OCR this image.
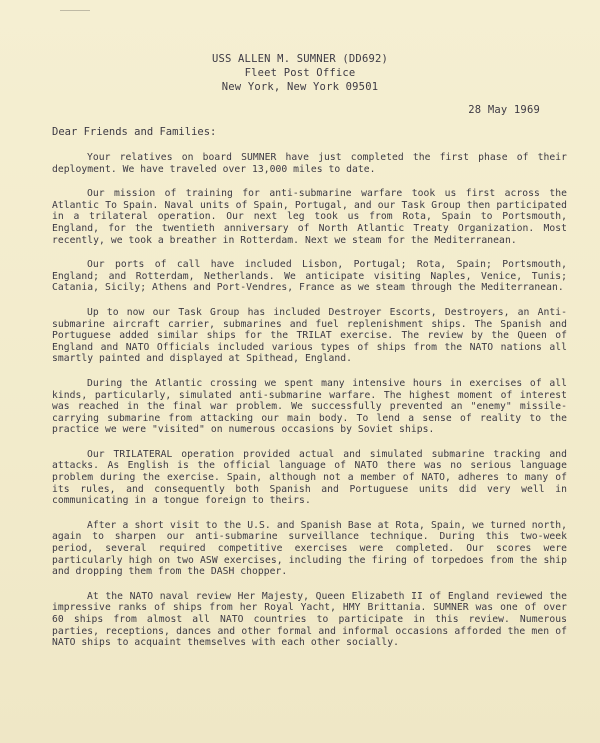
USS ALLEN M. SUMNER (DD692)
Fleet Post Office
New York, New York 09501
28 May 1969
Dear Friends and Families:

Your relatives on board SUMNER have just completed the first phase of their deployment. We have traveled over 13,000 miles to date.

Our mission of training for anti-submarine warfare took us first across the Atlantic To Spain. Naval units of Spain, Portugal, and our Task Group then participated in a trilateral operation. Our next leg took us from Rota, Spain to Portsmouth, England, for the twentieth anniversary of North Atlantic Treaty Organization. Most recently, we took a breather in Rotterdam. Next we steam for the Mediterranean.

Our ports of call have included Lisbon, Portugal; Rota, Spain; Portsmouth, England; and Rotterdam, Netherlands. We anticipate visiting Naples, Venice, Tunis; Catania, Sicily; Athens and Port-Vendres, France as we steam through the Mediterranean.

Up to now our Task Group has included Destroyer Escorts, Destroyers, an Anti-submarine aircraft carrier, submarines and fuel replenishment ships. The Spanish and Portuguese added similar ships for the TRILAT exercise. The review by the Queen of England and NATO Officials included various types of ships from the NATO nations all smartly painted and displayed at Spithead, England.

During the Atlantic crossing we spent many intensive hours in exercises of all kinds, particularly, simulated anti-submarine warfare. The highest moment of interest was reached in the final war problem. We successfully prevented an "enemy" missile-carrying submarine from attacking our main body. To lend a sense of reality to the practice we were "visited" on numerous occasions by Soviet ships.

Our TRILATERAL operation provided actual and simulated submarine tracking and attacks. As English is the official language of NATO there was no serious language problem during the exercise. Spain, although not a member of NATO, adheres to many of its rules, and consequently both Spanish and Portuguese units did very well in communicating in a tongue foreign to theirs.

After a short visit to the U.S. and Spanish Base at Rota, Spain, we turned north, again to sharpen our anti-submarine surveillance technique. During this two-week period, several required competitive exercises were completed. Our scores were particularly high on two ASW exercises, including the firing of torpedoes from the ship and dropping them from the DASH chopper.

At the NATO naval review Her Majesty, Queen Elizabeth II of England reviewed the impressive ranks of ships from her Royal Yacht, HMY Brittania. SUMNER was one of over 60 ships from almost all NATO countries to participate in this review. Numerous parties, receptions, dances and other formal and informal occasions afforded the men of NATO ships to acquaint themselves with each other socially.
